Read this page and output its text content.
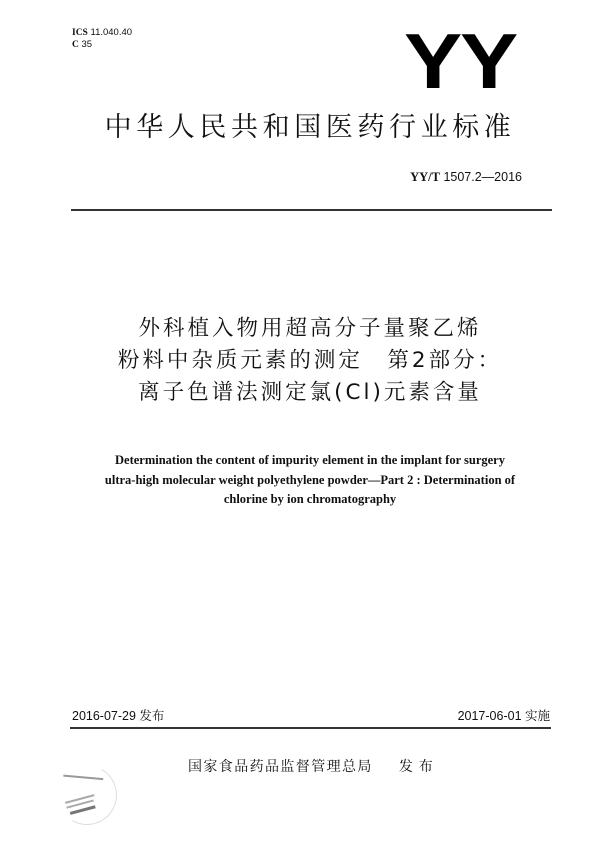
ICS 11.040.40
C 35	YY
中华人民共和国医药行业标准
YY/T 1507.2—2016
外科植入物用超高分子量聚乙烯
粉料中杂质元素的测定　第2部分：
离子色谱法测定氯(Cl)元素含量
Determination the content of impurity element in the implant for surgery
ultra-high molecular weight polyethylene powder—Part 2 : Determination of
chlorine by ion chromatography
2016-07-29 发布	2017-06-01 实施
国家食品药品监督管理总局 发布
